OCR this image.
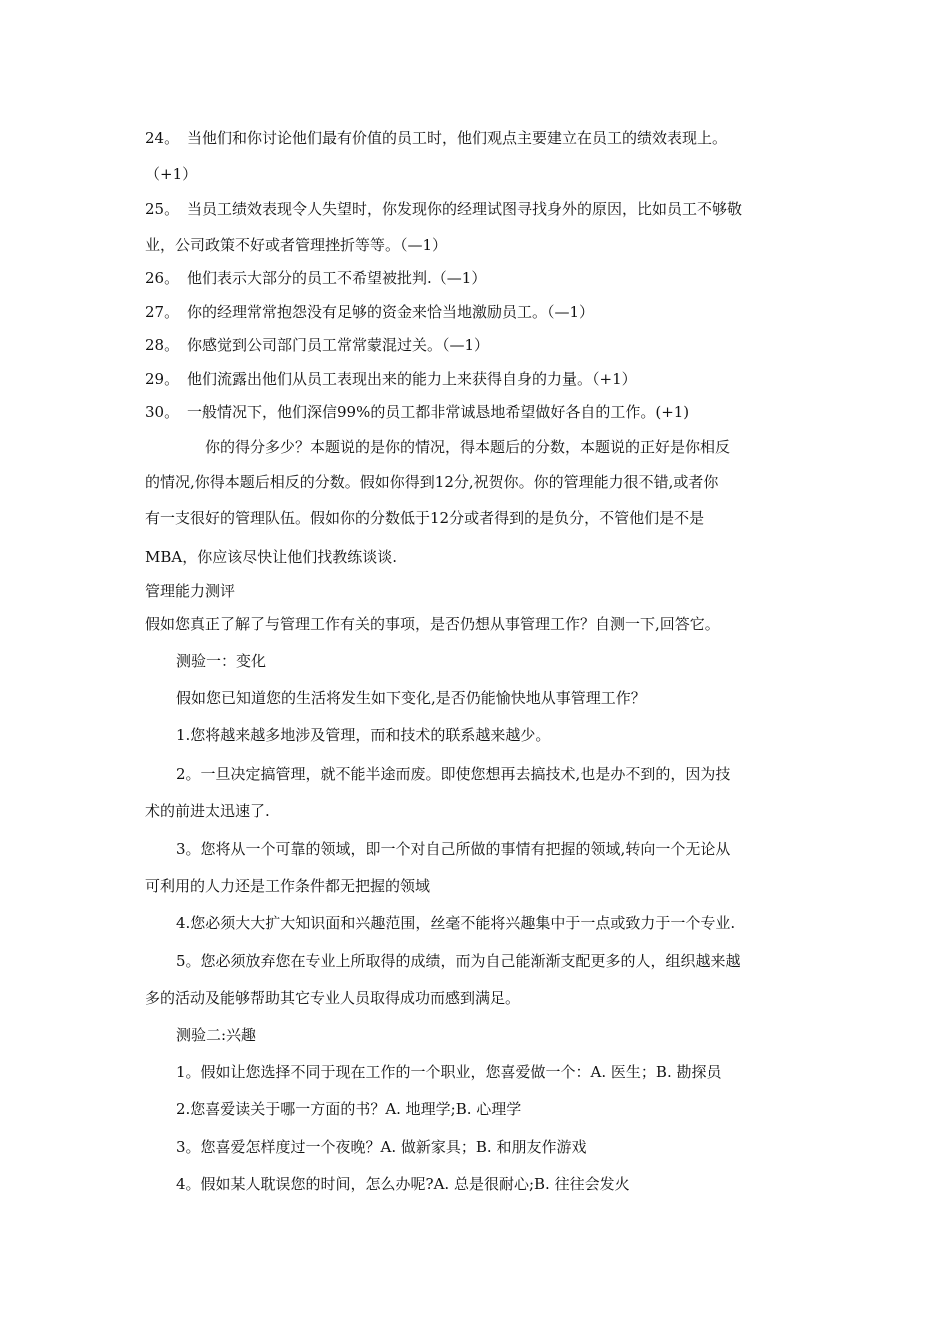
24。 当他们和你讨论他们最有价值的员工时，他们观点主要建立在员工的绩效表现上。
（+1）
25。 当员工绩效表现令人失望时，你发现你的经理试图寻找身外的原因，比如员工不够敬
业，公司政策不好或者管理挫折等等。（—1）
26。 他们表示大部分的员工不希望被批判.（—1）
27。 你的经理常常抱怨没有足够的资金来恰当地激励员工。（—1）
28。 你感觉到公司部门员工常常蒙混过关。（—1）
29。 他们流露出他们从员工表现出来的能力上来获得自身的力量。（+1）
30。 一般情况下，他们深信99%的员工都非常诚恳地希望做好各自的工作。(+1)
你的得分多少？本题说的是你的情况，得本题后的分数，本题说的正好是你相反
的情况,你得本题后相反的分数。假如你得到12分,祝贺你。你的管理能力很不错,或者你
有一支很好的管理队伍。假如你的分数低于12分或者得到的是负分，不管他们是不是
MBA，你应该尽快让他们找教练谈谈.
管理能力测评
假如您真正了解了与管理工作有关的事项，是否仍想从事管理工作？自测一下,回答它。
测验一：变化
假如您已知道您的生活将发生如下变化,是否仍能愉快地从事管理工作？
1.您将越来越多地涉及管理，而和技术的联系越来越少。
2。一旦决定搞管理，就不能半途而废。即使您想再去搞技术,也是办不到的，因为技
术的前进太迅速了.
3。您将从一个可靠的领域，即一个对自己所做的事情有把握的领域,转向一个无论从
可利用的人力还是工作条件都无把握的领域
4.您必须大大扩大知识面和兴趣范围，丝毫不能将兴趣集中于一点或致力于一个专业.
5。您必须放弃您在专业上所取得的成绩，而为自己能渐渐支配更多的人，组织越来越
多的活动及能够帮助其它专业人员取得成功而感到满足。
测验二:兴趣
1。假如让您选择不同于现在工作的一个职业，您喜爱做一个：A. 医生；B. 勘探员
2.您喜爱读关于哪一方面的书？A. 地理学;B. 心理学
3。您喜爱怎样度过一个夜晚？A. 做新家具；B. 和朋友作游戏
4。假如某人耽误您的时间，怎么办呢?A. 总是很耐心;B. 往往会发火
